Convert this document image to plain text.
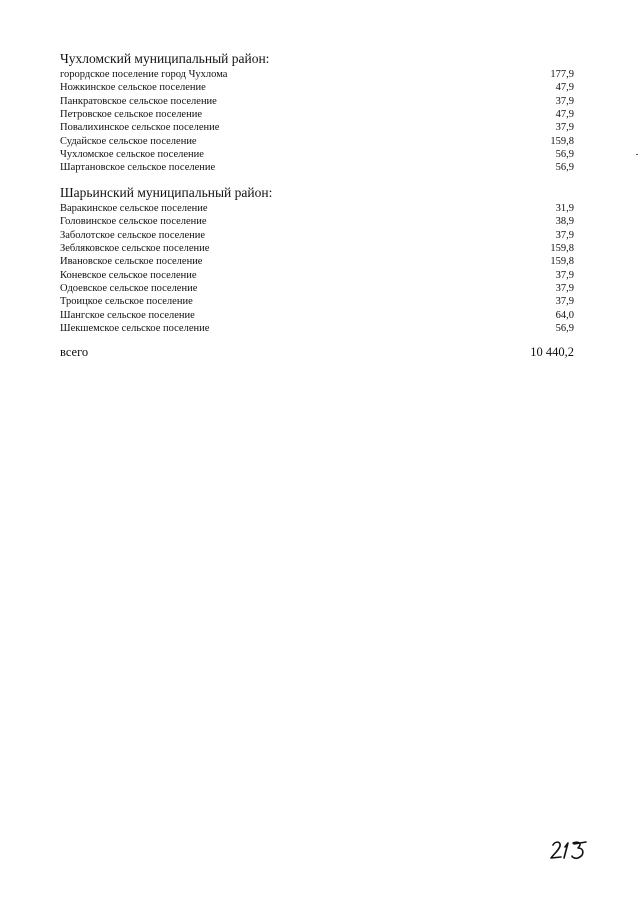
Чухломский муниципальный район:
горордское поселение город Чухлома	177,9
Ножкинское сельское поселение	47,9
Панкратовское сельское поселение	37,9
Петровское сельское поселение	47,9
Повалихинское сельское поселение	37,9
Судайское сельское поселение	159,8
Чухломское сельское поселение	56,9
Шартановское сельское поселение	56,9
Шарьинский муниципальный район:
Варакинское сельское поселение	31,9
Головинское сельское поселение	38,9
Заболотское сельское поселение	37,9
Зебляковское сельское поселение	159,8
Ивановское сельское поселение	159,8
Коневское сельское поселение	37,9
Одоевское сельское поселение	37,9
Троицкое сельское поселение	37,9
Шангское сельское поселение	64,0
Шекшемское сельское поселение	56,9
всего	10 440,2
